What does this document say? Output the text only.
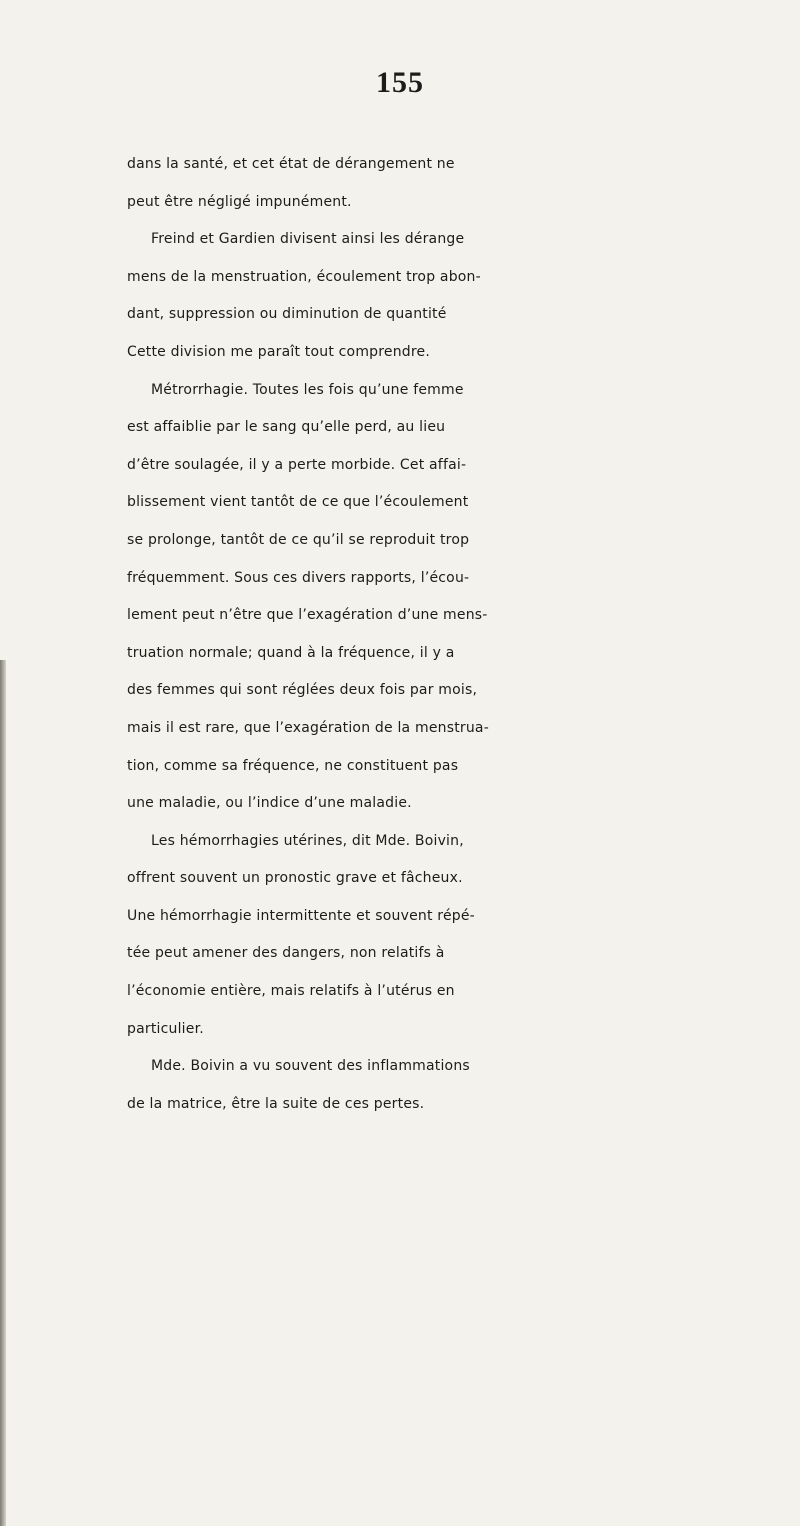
155
dans la santé, et cet état de dérangement ne
peut être négligé impunément.
Freind et Gardien divisent ainsi les dérange
mens de la menstruation, écoulement trop abon-
dant, suppression ou diminution de quantité
Cette division me paraît tout comprendre.
Métrorrhagie. Toutes les fois qu’une femme
est affaiblie par le sang qu’elle perd, au lieu
d’être soulagée, il y a perte morbide. Cet affai-
blissement vient tantôt de ce que l’écoulement
se prolonge, tantôt de ce qu’il se reproduit trop
fréquemment. Sous ces divers rapports, l’écou-
lement peut n’être que l’exagération d’une mens-
truation normale; quand à la fréquence, il y a
des femmes qui sont réglées deux fois par mois,
mais il est rare, que l’exagération de la menstrua-
tion, comme sa fréquence, ne constituent pas
une maladie, ou l’indice d’une maladie.
Les hémorrhagies utérines, dit Mde. Boivin,
offrent souvent un pronostic grave et fâcheux.
Une hémorrhagie intermittente et souvent répé-
tée peut amener des dangers, non relatifs à
l’économie entière, mais relatifs à l’utérus en
particulier.
Mde. Boivin a vu souvent des inflammations
de la matrice, être la suite de ces pertes.
